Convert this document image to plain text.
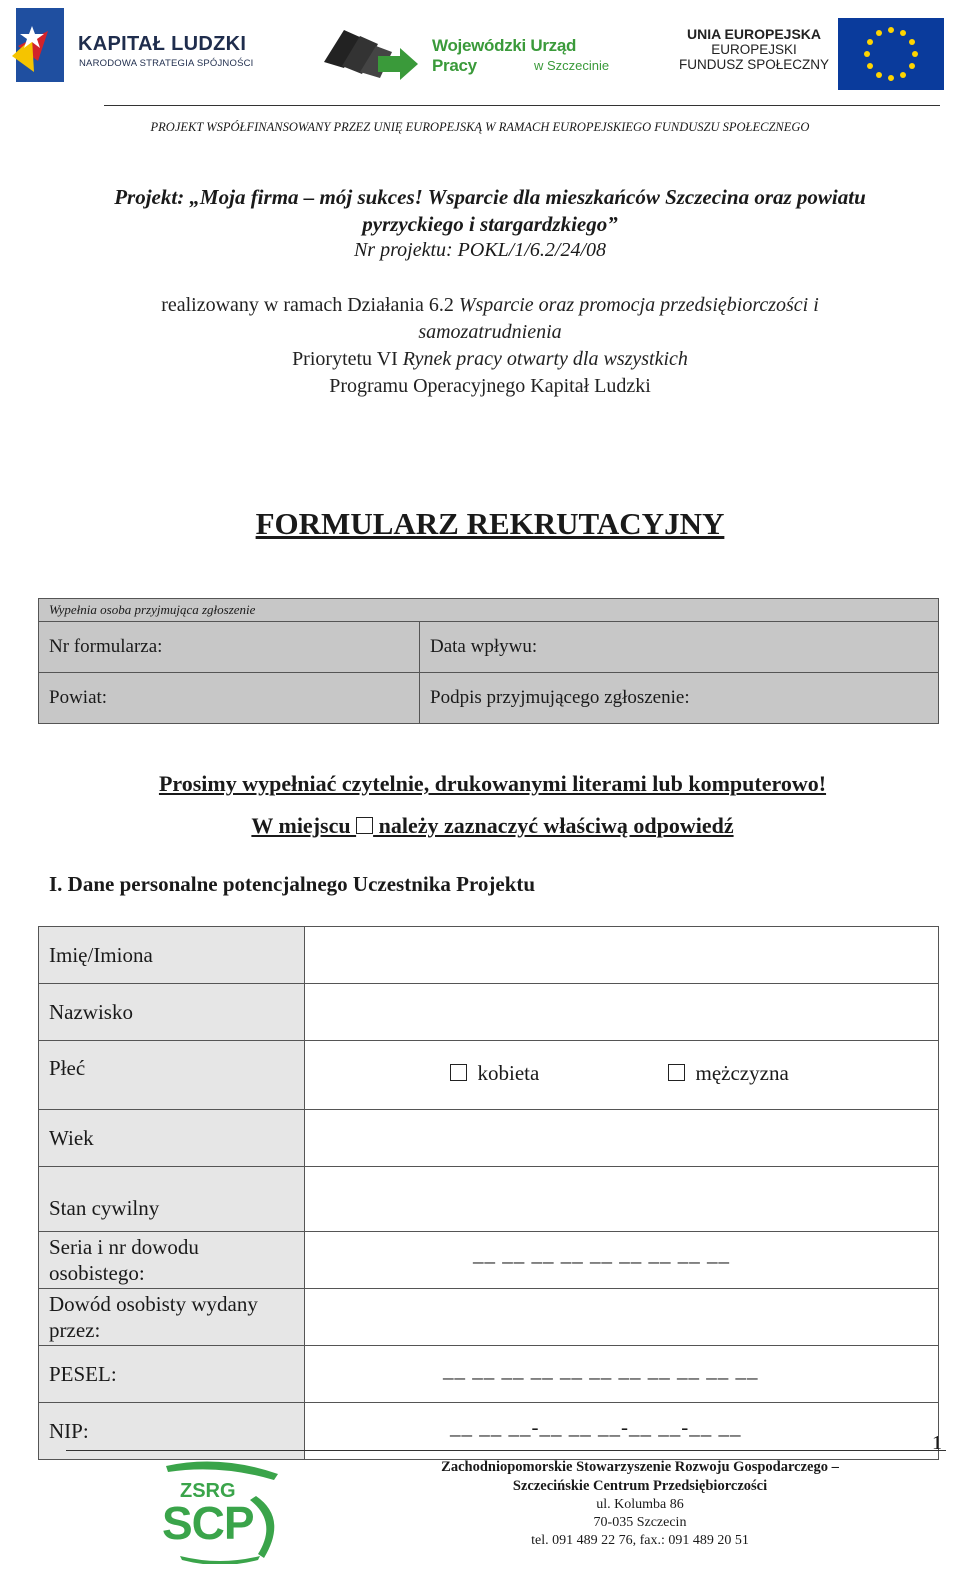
KAPITAŁ LUDZKI
NARODOWA STRATEGIA SPÓJNOŚCI
Wojewódzki Urząd Pracy	w Szczecinie
UNIA EUROPEJSKA
EUROPEJSKI
FUNDUSZ SPOŁECZNY
PROJEKT WSPÓŁFINANSOWANY PRZEZ UNIĘ EUROPEJSKĄ W RAMACH EUROPEJSKIEGO FUNDUSZU SPOŁECZNEGO
Projekt: „Moja firma – mój sukces! Wsparcie dla mieszkańców Szczecina oraz powiatu
pyrzyckiego i stargardzkiego”
Nr projektu: POKL/1/6.2/24/08
realizowany w ramach Działania 6.2 Wsparcie oraz promocja przedsiębiorczości i
samozatrudnienia
Priorytetu VI Rynek pracy otwarty dla wszystkich
Programu Operacyjnego Kapitał Ludzki
FORMULARZ REKRUTACYJNY
Wypełnia osoba przyjmująca zgłoszenie	
Nr formularza:	Data wpływu:
Powiat:	Podpis przyjmującego zgłoszenie:
Prosimy wypełniać czytelnie, drukowanymi literami lub komputerowo!
W miejscu  należy zaznaczyć właściwą odpowiedź
I. Dane personalne potencjalnego Uczestnika Projektu
Imię/Imiona	
Nazwisko	
Płeć	kobieta mężczyzna

Wiek	
Stan cywilny	

Seria i nr dowodu
osobistego:	__ __ __ __ __ __ __ __ __

Dowód osobisty wydany
przez:	

PESEL:	__ __ __ __ __ __ __ __ __ __ __

NIP:	__ __ __-__ __ __-__ __-__ __
1
ZSRG
SCP
Zachodniopomorskie Stowarzyszenie Rozwoju Gospodarczego –
Szczecińskie Centrum Przedsiębiorczości
ul. Kolumba 86
70-035 Szczecin
tel. 091 489 22 76, fax.: 091 489 20 51
